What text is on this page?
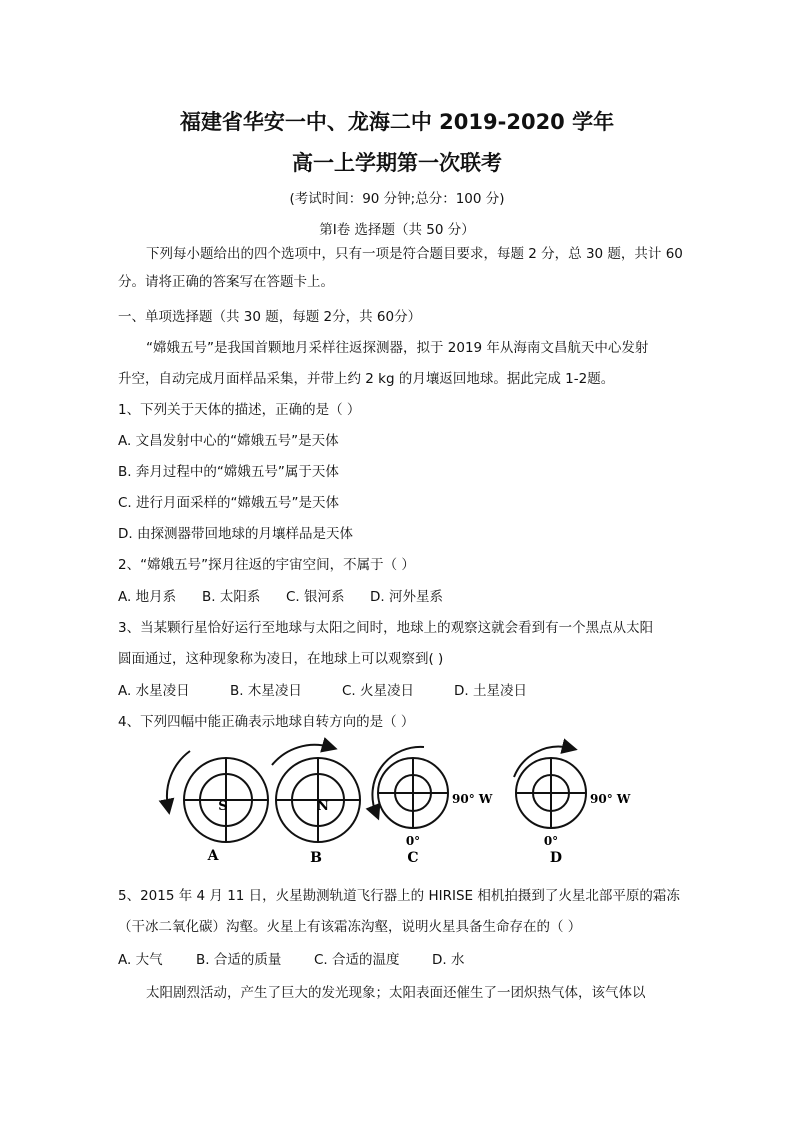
福建省华安一中、龙海二中 2019-2020 学年
高一上学期第一次联考
(考试时间：90 分钟;总分：100 分)
第Ⅰ卷 选择题（共 50 分）
下列每小题给出的四个选项中，只有一项是符合题目要求，每题 2 分，总 30 题，共计 60
分。请将正确的答案写在答题卡上。
一、单项选择题（共 30 题，每题 2分，共 60分）
“嫦娥五号”是我国首颗地月采样往返探测器，拟于 2019 年从海南文昌航天中心发射
升空，自动完成月面样品采集，并带上约 2 kg 的月壤返回地球。据此完成 1-2题。
1、下列关于天体的描述，正确的是（ ）
A. 文昌发射中心的“嫦娥五号”是天体
B. 奔月过程中的“嫦娥五号”属于天体
C. 进行月面采样的“嫦娥五号”是天体
D. 由探测器带回地球的月壤样品是天体
2、“嫦娥五号”探月往返的宇宙空间，不属于（ ）
A. 地月系 B. 太阳系 C. 银河系 D. 河外星系
3、当某颗行星恰好运行至地球与太阳之间时，地球上的观察这就会看到有一个黑点从太阳
圆面通过，这种现象称为凌日，在地球上可以观察到( )
A. 水星凌日	B. 木星凌日	C. 火星凌日	D. 土星凌日
4、下列四幅中能正确表示地球自转方向的是（ ）
S
A
N
B
90° W
0°
C
90° W
0°
D
5、2015 年 4 月 11 日，火星勘测轨道飞行器上的 HIRISE 相机拍摄到了火星北部平原的霜冻
（干冰二氧化碳）沟壑。火星上有该霜冻沟壑，说明火星具备生命存在的（ ）
A. 大气 B. 合适的质量 C. 合适的温度 D. 水
太阳剧烈活动，产生了巨大的发光现象；太阳表面还催生了一团炽热气体，该气体以
